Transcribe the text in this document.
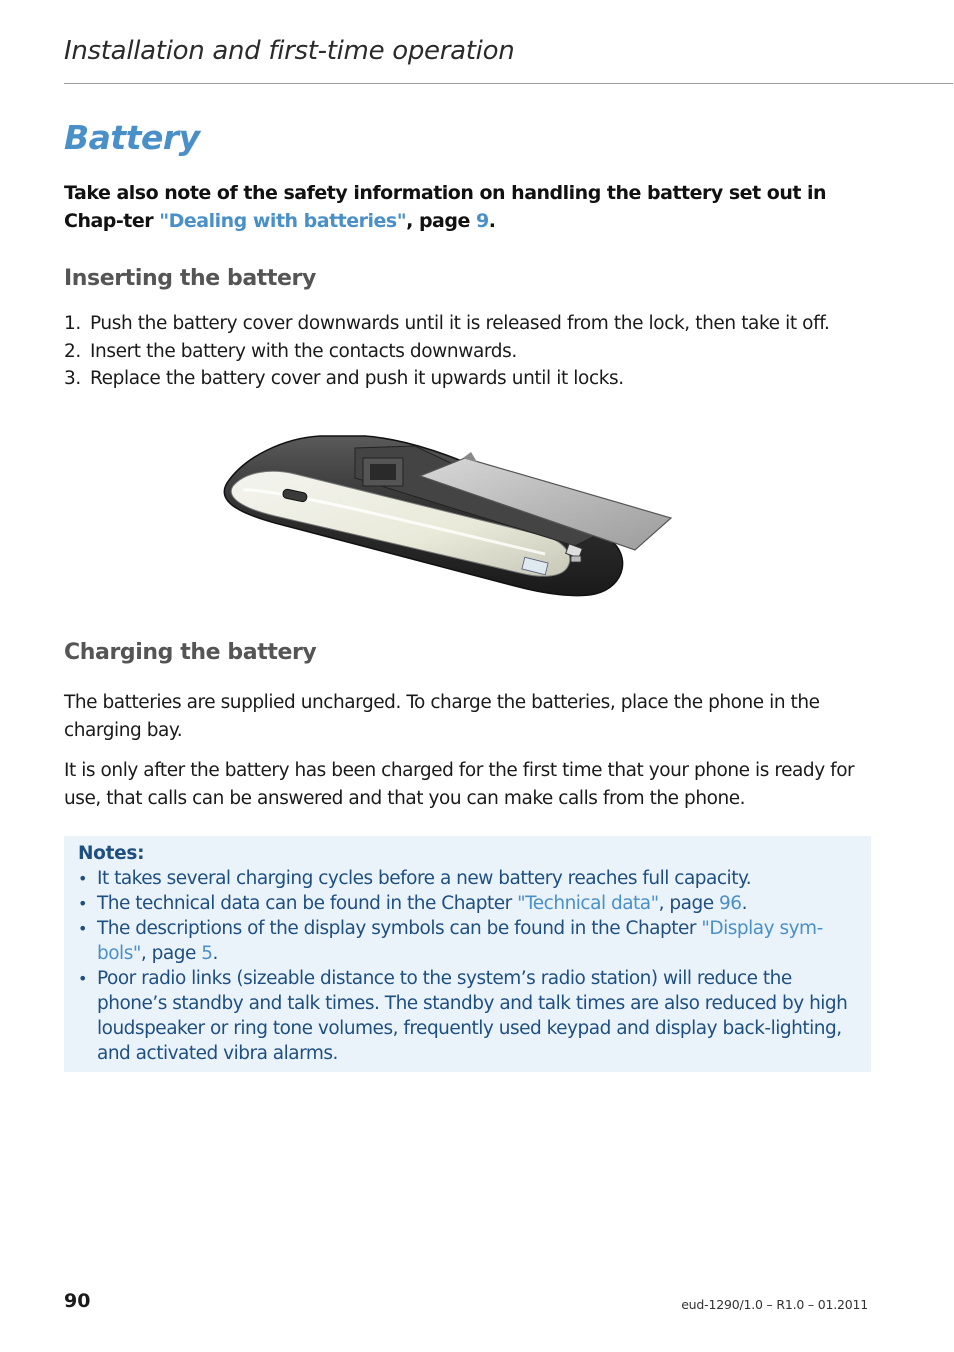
Installation and first-time operation
Battery

Take also note of the safety information on handling the battery set out in Chap-ter "Dealing with batteries", page 9.

Inserting the battery
1. Push the battery cover downwards until it is released from the lock, then take it off.
2. Insert the battery with the contacts downwards.
3. Replace the battery cover and push it upwards until it locks.
Charging the battery

The batteries are supplied uncharged. To charge the batteries, place the phone in the charging bay.

It is only after the battery has been charged for the first time that your phone is ready for use, that calls can be answered and that you can make calls from the phone.

Notes:
• It takes several charging cycles before a new battery reaches full capacity.
• The technical data can be found in the Chapter "Technical data", page 96.
• The descriptions of the display symbols can be found in the Chapter "Display sym-bols", page 5.
• Poor radio links (sizeable distance to the system’s radio station) will reduce the phone’s standby and talk times. The standby and talk times are also reduced by high loudspeaker or ring tone volumes, frequently used keypad and display back-lighting, and activated vibra alarms.
90	eud-1290/1.0 – R1.0 – 01.2011
